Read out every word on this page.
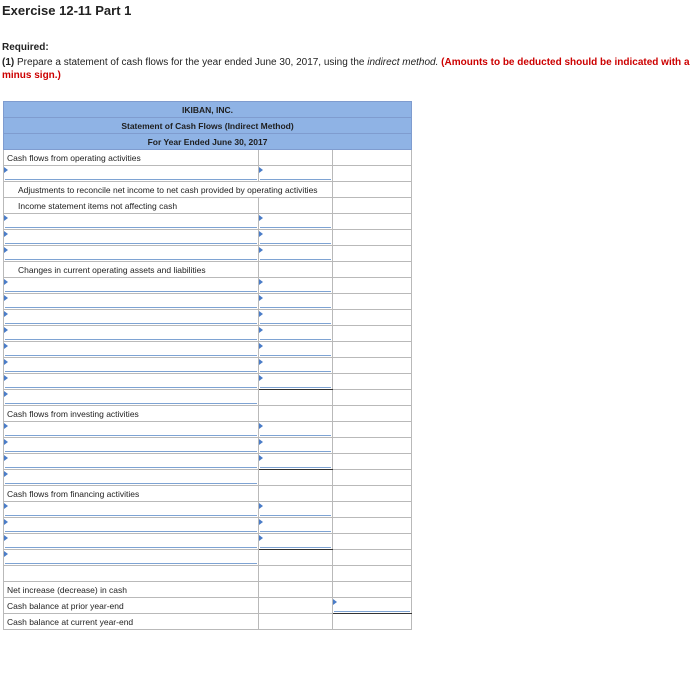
Exercise 12-11 Part 1
Required:
(1) Prepare a statement of cash flows for the year ended June 30, 2017, using the indirect method. (Amounts to be deducted should be indicated with a minus sign.)
IKIBAN, INC.		
Statement of Cash Flows (Indirect Method)		
For Year Ended June 30, 2017		
Cash flows from operating activities		

Adjustments to reconcile net income to net cash provided by operating activities		
Income statement items not affecting cash		

Changes in current operating assets and liabilities		

Cash flows from investing activities		

Cash flows from financing activities		

Net increase (decrease) in cash		
Cash balance at prior year-end		
Cash balance at current year-end		
